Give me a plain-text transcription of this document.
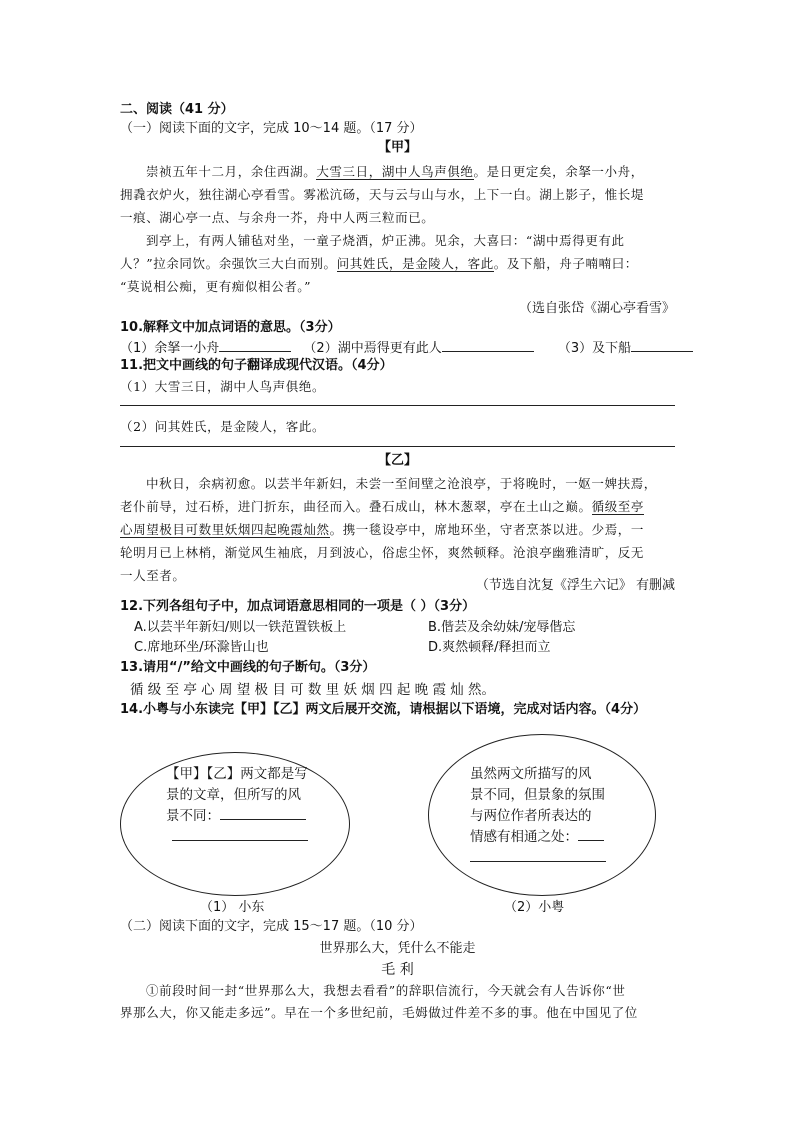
二、阅读（41 分）
（一）阅读下面的文字，完成 10～14 题。（17 分）
【甲】
崇祯五年十二月，余住西湖。大雪三日，湖中人鸟声俱绝。是日更定矣，余拏一小舟，
拥毳衣炉火，独往湖心亭看雪。雾凇沆砀，天与云与山与水，上下一白。湖上影子，惟长堤
一痕、湖心亭一点、与余舟一芥，舟中人两三粒而已。
到亭上，有两人铺毡对坐，一童子烧酒，炉正沸。见余，大喜曰：“湖中焉得更有此
人？”拉余同饮。余强饮三大白而别。问其姓氏，是金陵人，客此。及下船，舟子喃喃曰：
“莫说相公痴，更有痴似相公者。”
（选自张岱《湖心亭看雪》
10.解释文中加点词语的意思。（3分）
（1）余拏一小舟	（2）湖中焉得更有此人	（3）及下船
11.把文中画线的句子翻译成现代汉语。（4分）
（1）大雪三日，湖中人鸟声俱绝。
（2）问其姓氏，是金陵人，客此。
【乙】
中秋日，余病初愈。以芸半年新妇，未尝一至间壁之沧浪亭，于将晚时，一妪一婢扶焉，
老仆前导，过石桥，进门折东，曲径而入。叠石成山，林木葱翠，亭在土山之巅。循级至亭
心周望极目可数里妖烟四起晚霞灿然。携一毯设亭中，席地环坐，守者烹茶以进。少焉，一
轮明月已上林梢，渐觉风生袖底，月到波心，俗虑尘怀，爽然顿释。沧浪亭幽雅清旷，反无
一人至者。
（节选自沈复《浮生六记》 有删减
12.下列各组句子中，加点词语意思相同的一项是（ ）（3分）
A.以芸半年新妇/则以一铁范置铁板上	B.偕芸及余幼妹/宠辱偕忘
C.席地环坐/环滁皆山也	D.爽然顿释/释担而立
13.请用“/”给文中画线的句子断句。（3分）
循 级 至 亭 心 周 望 极 目 可 数 里 妖 烟 四 起 晚 霞 灿 然。
14.小粤与小东读完【甲】【乙】两文后展开交流，请根据以下语境，完成对话内容。（4分）
【甲】【乙】两文都是写
景的文章，但所写的风
景不同：
虽然两文所描写的风
景不同，但景象的氛围
与两位作者所表达的
情感有相通之处：
（1） 小东	（2）小粤
（二）阅读下面的文字，完成 15～17 题。（10 分）
世界那么大，凭什么不能走
毛 利
①前段时间一封“世界那么大，我想去看看”的辞职信流行，今天就会有人告诉你“世
界那么大，你又能走多远”。早在一个多世纪前，毛姆做过件差不多的事。他在中国见了位
